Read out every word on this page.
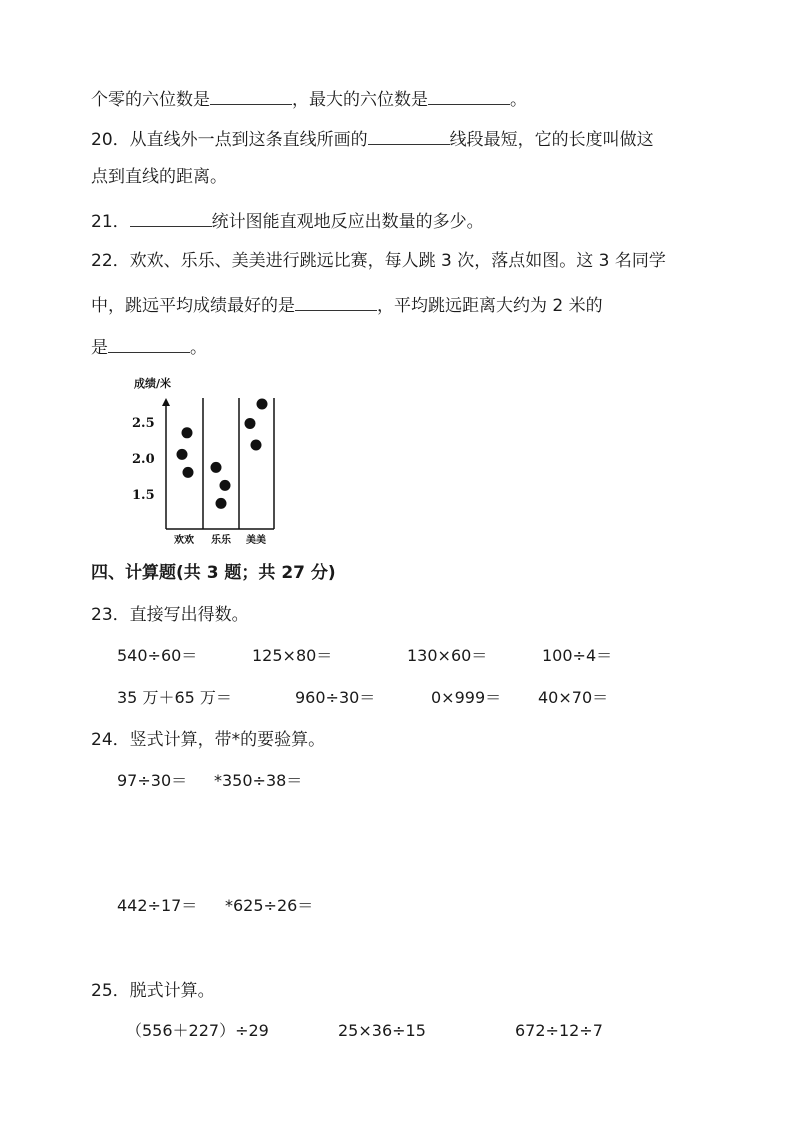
个零的六位数是	，最大的六位数是	。
20．从直线外一点到这条直线所画的	线段最短，它的长度叫做这
点到直线的距离。
21．	统计图能直观地反应出数量的多少。
22．欢欢、乐乐、美美进行跳远比赛，每人跳 3 次，落点如图。这 3 名同学
中，跳远平均成绩最好的是	，平均跳远距离大约为 2 米的
是	。
成绩/米
2.5
2.0
1.5
欢欢 乐乐 美美
四、计算题(共 3 题；共 27 分)
23．直接写出得数。
540÷60＝	125×80＝	130×60＝	100÷4＝
35 万＋65 万＝	960÷30＝	0×999＝ 40×70＝
24．竖式计算，带*的要验算。
97÷30＝ *350÷38＝
442÷17＝ *625÷26＝
25．脱式计算。
（556＋227）÷29	25×36÷15	672÷12÷7
